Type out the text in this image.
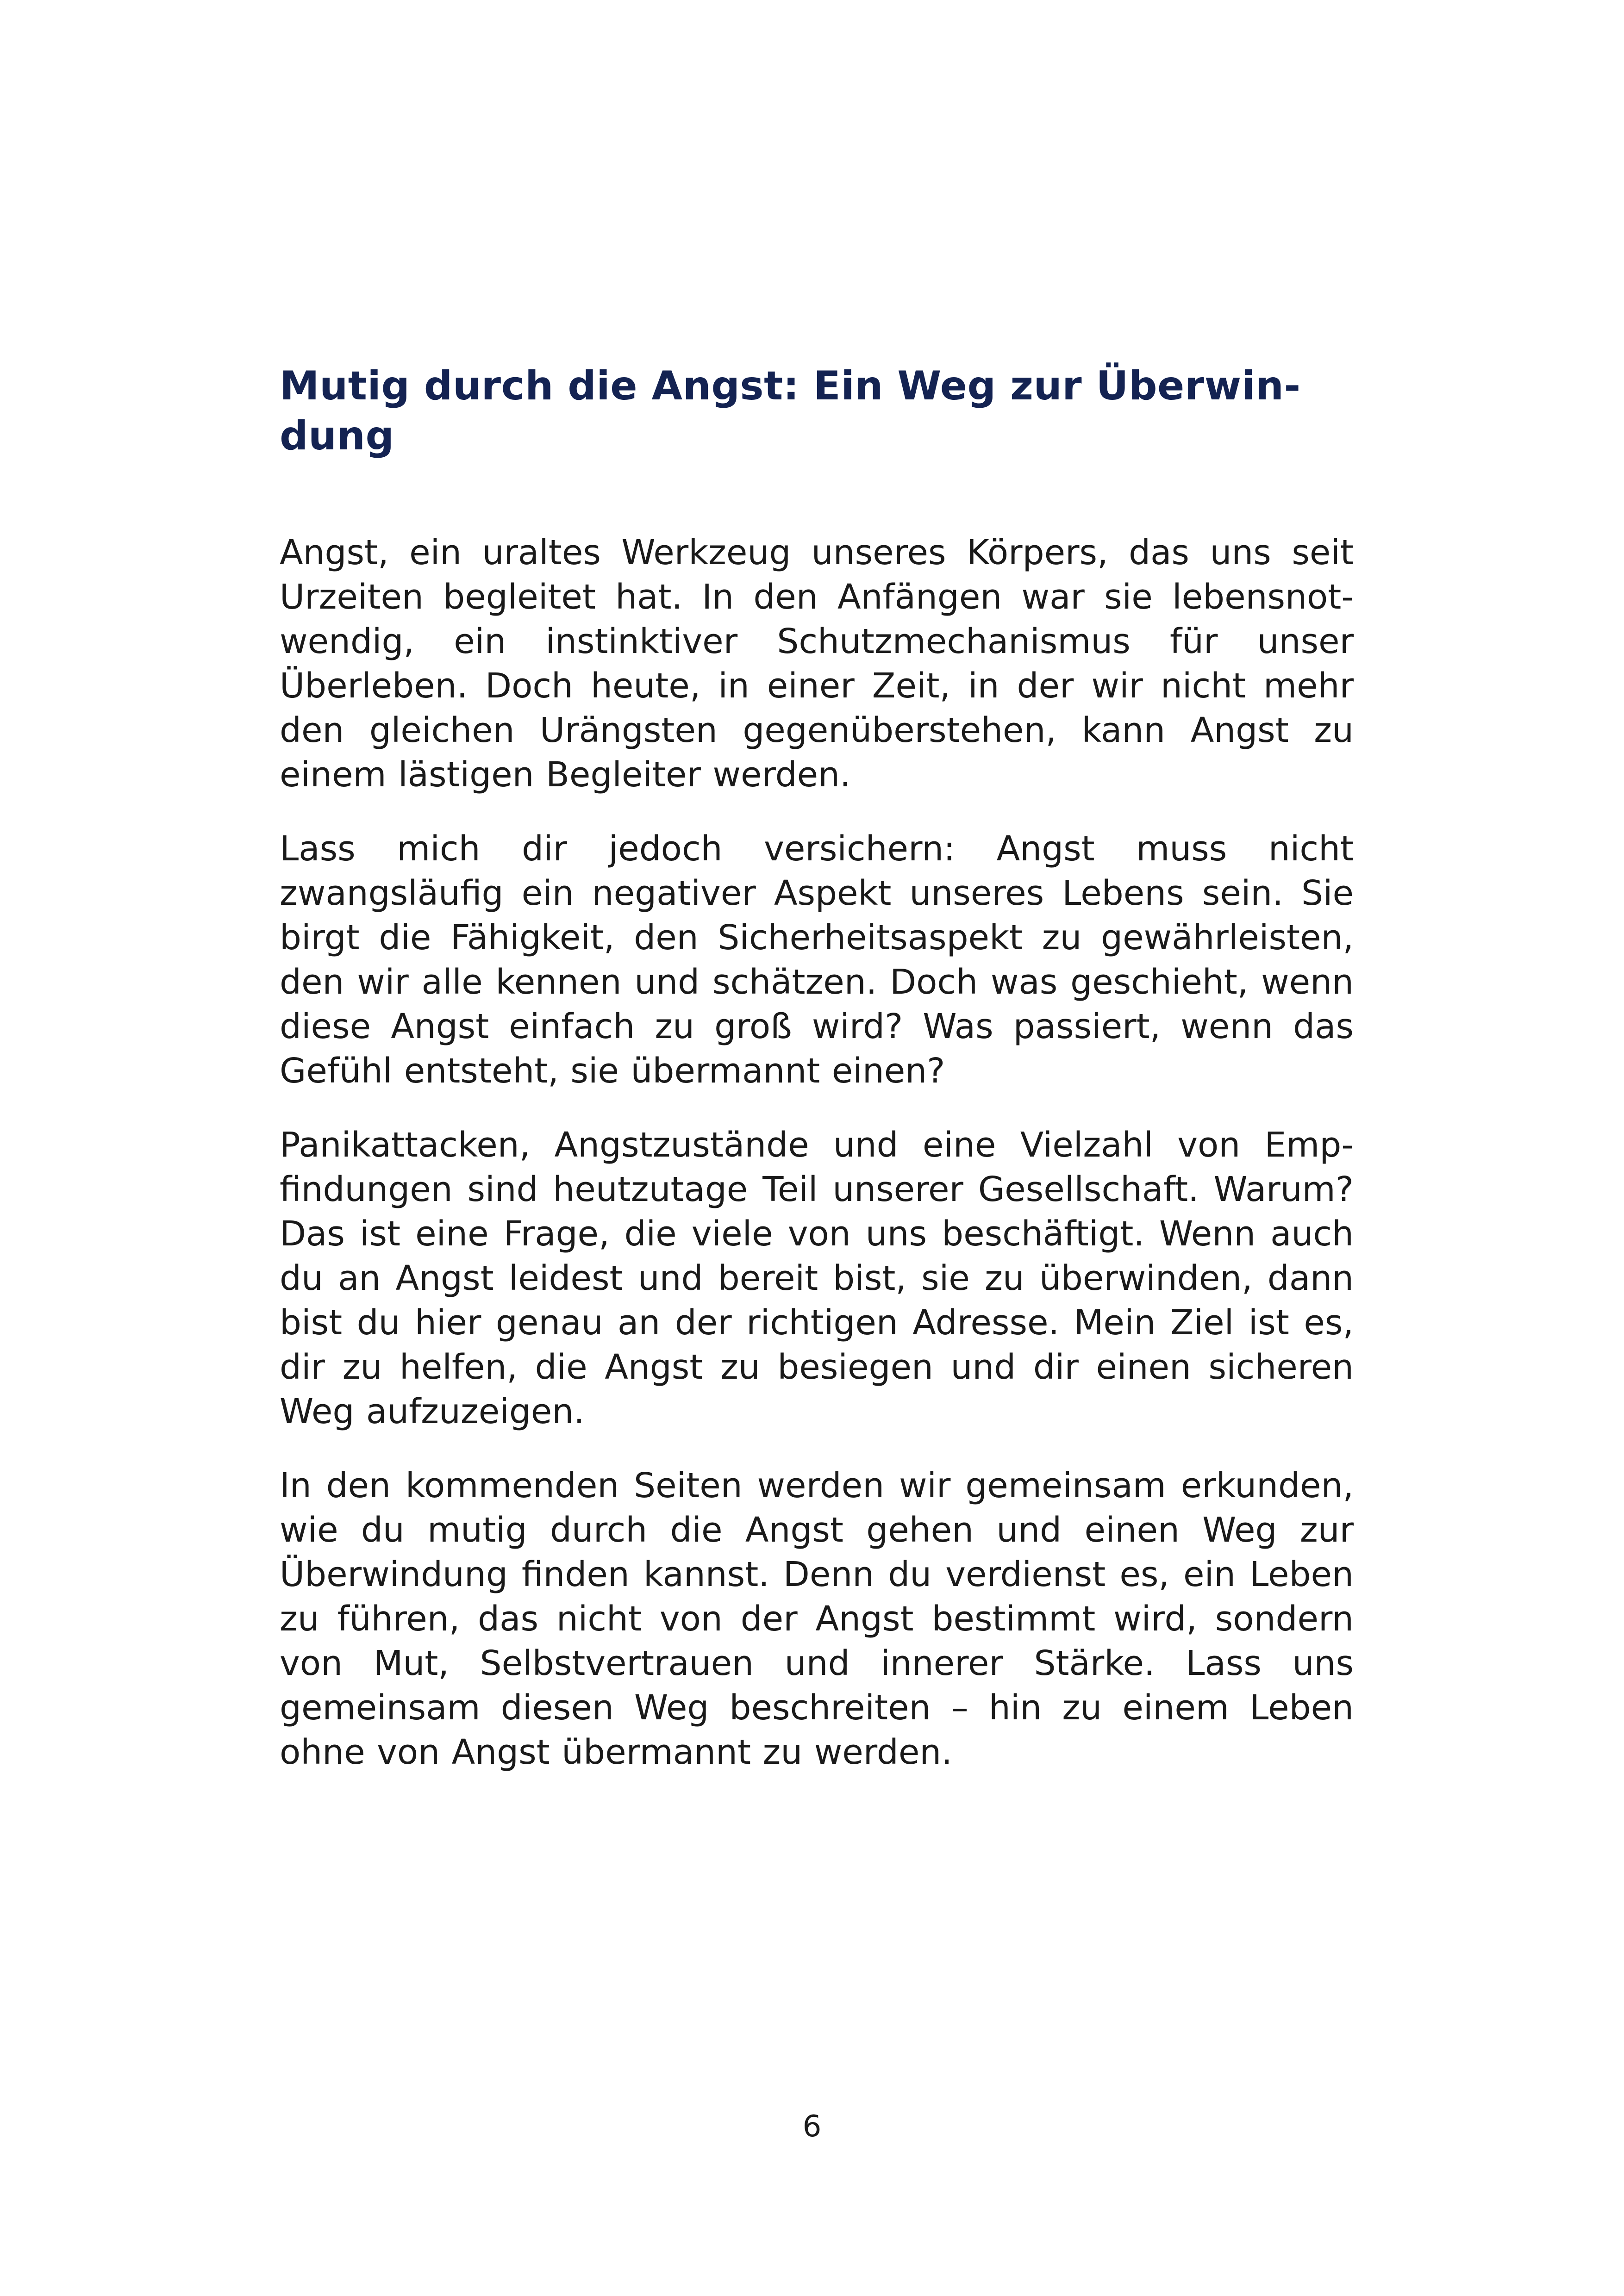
Mutig durch die Angst: Ein Weg zur Überwindung

Angst, ein uraltes Werkzeug unseres Körpers, das uns seit Urzeiten begleitet hat. In den Anfängen war sie lebensnotwendig, ein instinktiver Schutzmechanismus für unser Überleben. Doch heute, in einer Zeit, in der wir nicht mehr den gleichen Urängsten gegenüberstehen, kann Angst zu einem lästigen Begleiter werden.

Lass mich dir jedoch versichern: Angst muss nicht zwangsläufig ein negativer Aspekt unseres Lebens sein. Sie birgt die Fähigkeit, den Sicherheitsaspekt zu gewährleisten, den wir alle kennen und schätzen. Doch was geschieht, wenn diese Angst einfach zu groß wird? Was passiert, wenn das Gefühl entsteht, sie übermannt einen?

Panikattacken, Angstzustände und eine Vielzahl von Empfindungen sind heutzutage Teil unserer Gesellschaft. Warum? Das ist eine Frage, die viele von uns beschäftigt. Wenn auch du an Angst leidest und bereit bist, sie zu überwinden, dann bist du hier genau an der richtigen Adresse. Mein Ziel ist es, dir zu helfen, die Angst zu besiegen und dir einen sicheren Weg aufzuzeigen.

In den kommenden Seiten werden wir gemeinsam erkunden, wie du mutig durch die Angst gehen und einen Weg zur Überwindung finden kannst. Denn du verdienst es, ein Leben zu führen, das nicht von der Angst bestimmt wird, sondern von Mut, Selbstvertrauen und innerer Stärke. Lass uns gemeinsam diesen Weg beschreiten – hin zu einem Leben ohne von Angst übermannt zu werden.

6
